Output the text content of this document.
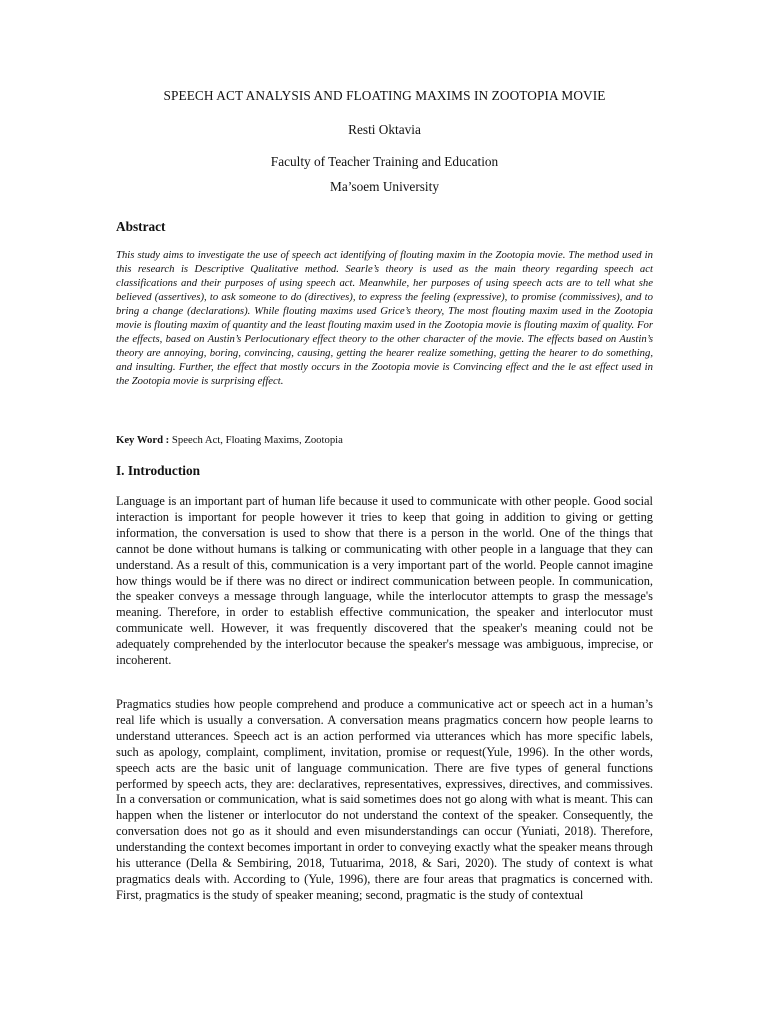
SPEECH ACT ANALYSIS AND FLOATING MAXIMS IN ZOOTOPIA MOVIE
Resti Oktavia
Faculty of Teacher Training and Education
Ma’soem University
Abstract
This study aims to investigate the use of speech act identifying of flouting maxim in the Zootopia movie. The method used in this research is Descriptive Qualitative method. Searle’s theory is used as the main theory regarding speech act classifications and their purposes of using speech act. Meanwhile, her purposes of using speech acts are to tell what she believed (assertives), to ask someone to do (directives), to express the feeling (expressive), to promise (commissives), and to bring a change (declarations). While flouting maxims used Grice’s theory, The most flouting maxim used in the Zootopia movie is flouting maxim of quantity and the least flouting maxim used in the Zootopia movie is flouting maxim of quality. For the effects, based on Austin’s Perlocutionary effect theory to the other character of the movie. The effects based on Austin’s theory are annoying, boring, convincing, causing, getting the hearer realize something, getting the hearer to do something, and insulting. Further, the effect that mostly occurs in the Zootopia movie is Convincing effect and the le ast effect used in the Zootopia movie is surprising effect.
Key Word : Speech Act, Floating Maxims, Zootopia
I. Introduction
Language is an important part of human life because it used to communicate with other people. Good social interaction is important for people however it tries to keep that going in addition to giving or getting information, the conversation is used to show that there is a person in the world. One of the things that cannot be done without humans is talking or communicating with other people in a language that they can understand. As a result of this, communication is a very important part of the world. People cannot imagine how things would be if there was no direct or indirect communication between people. In communication, the speaker conveys a message through language, while the interlocutor attempts to grasp the message's meaning. Therefore, in order to establish effective communication, the speaker and interlocutor must communicate well. However, it was frequently discovered that the speaker's meaning could not be adequately comprehended by the interlocutor because the speaker's message was ambiguous, imprecise, or incoherent.
Pragmatics studies how people comprehend and produce a communicative act or speech act in a human’s real life which is usually a conversation. A conversation means pragmatics concern how people learns to understand utterances. Speech act is an action performed via utterances which has more specific labels, such as apology, complaint, compliment, invitation, promise or request(Yule, 1996). In the other words, speech acts are the basic unit of language communication. There are five types of general functions performed by speech acts, they are: declaratives, representatives, expressives, directives, and commissives. In a conversation or communication, what is said sometimes does not go along with what is meant. This can happen when the listener or interlocutor do not understand the context of the speaker. Consequently, the conversation does not go as it should and even misunderstandings can occur (Yuniati, 2018). Therefore, understanding the context becomes important in order to conveying exactly what the speaker means through his utterance (Della & Sembiring, 2018, Tutuarima, 2018, & Sari, 2020). The study of context is what pragmatics deals with. According to (Yule, 1996), there are four areas that pragmatics is concerned with. First, pragmatics is the study of speaker meaning; second, pragmatic is the study of contextual
